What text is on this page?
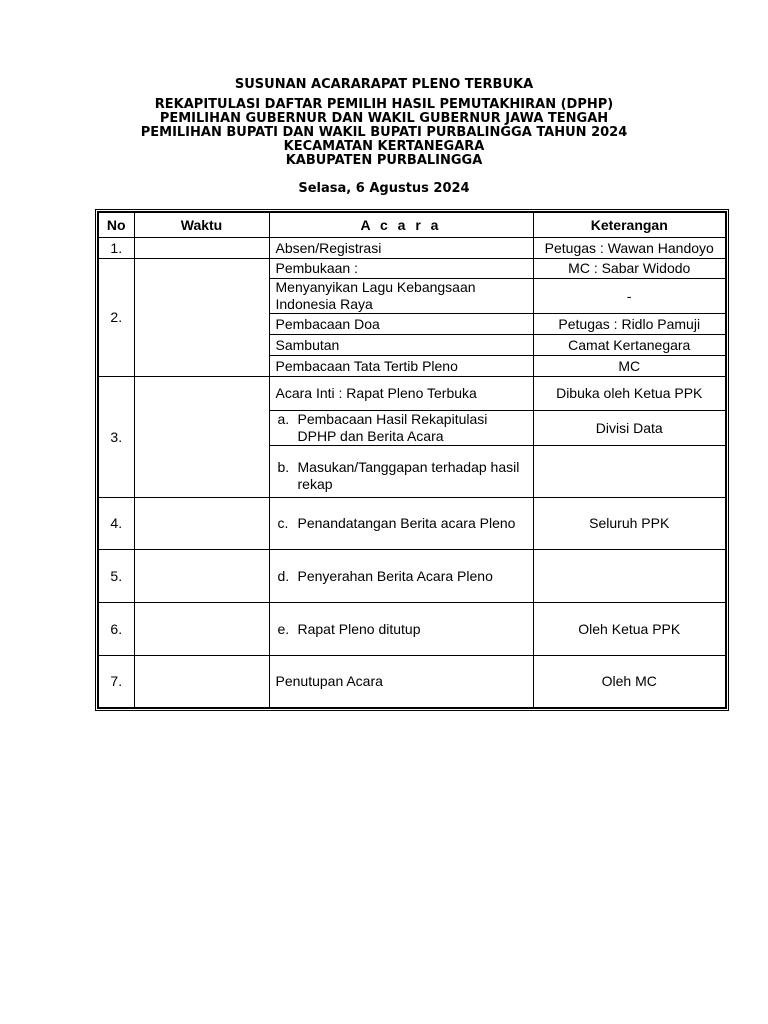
SUSUNAN ACARARAPAT PLENO TERBUKA
REKAPITULASI DAFTAR PEMILIH HASIL PEMUTAKHIRAN (DPHP)
PEMILIHAN GUBERNUR DAN WAKIL GUBERNUR JAWA TENGAH
PEMILIHAN BUPATI DAN WAKIL BUPATI PURBALINGGA TAHUN 2024
KECAMATAN KERTANEGARA
KABUPATEN PURBALINGGA
Selasa, 6 Agustus 2024
No	Waktu	A c a r a	Keterangan
1.		Absen/Registrasi	Petugas : Wawan Handoyo
2.		Pembukaan :	MC : Sabar Widodo
		Menyanyikan Lagu Kebangsaan Indonesia Raya	-
		Pembacaan Doa	Petugas : Ridlo Pamuji
		Sambutan	Camat Kertanegara
		Pembacaan Tata Tertib Pleno	MC
3.		Acara Inti : Rapat Pleno Terbuka	Dibuka oleh Ketua PPK

		a. Pembacaan Hasil Rekapitulasi DPHP dan Berita Acara	Divisi Data

		b. Masukan/Tanggapan terhadap hasil rekap	

4.		c. Penandatangan Berita acara Pleno	Seluruh PPK
5.		d. Penyerahan Berita Acara Pleno	

6.		e. Rapat Pleno ditutup	Oleh Ketua PPK
7.		Penutupan Acara	Oleh MC
